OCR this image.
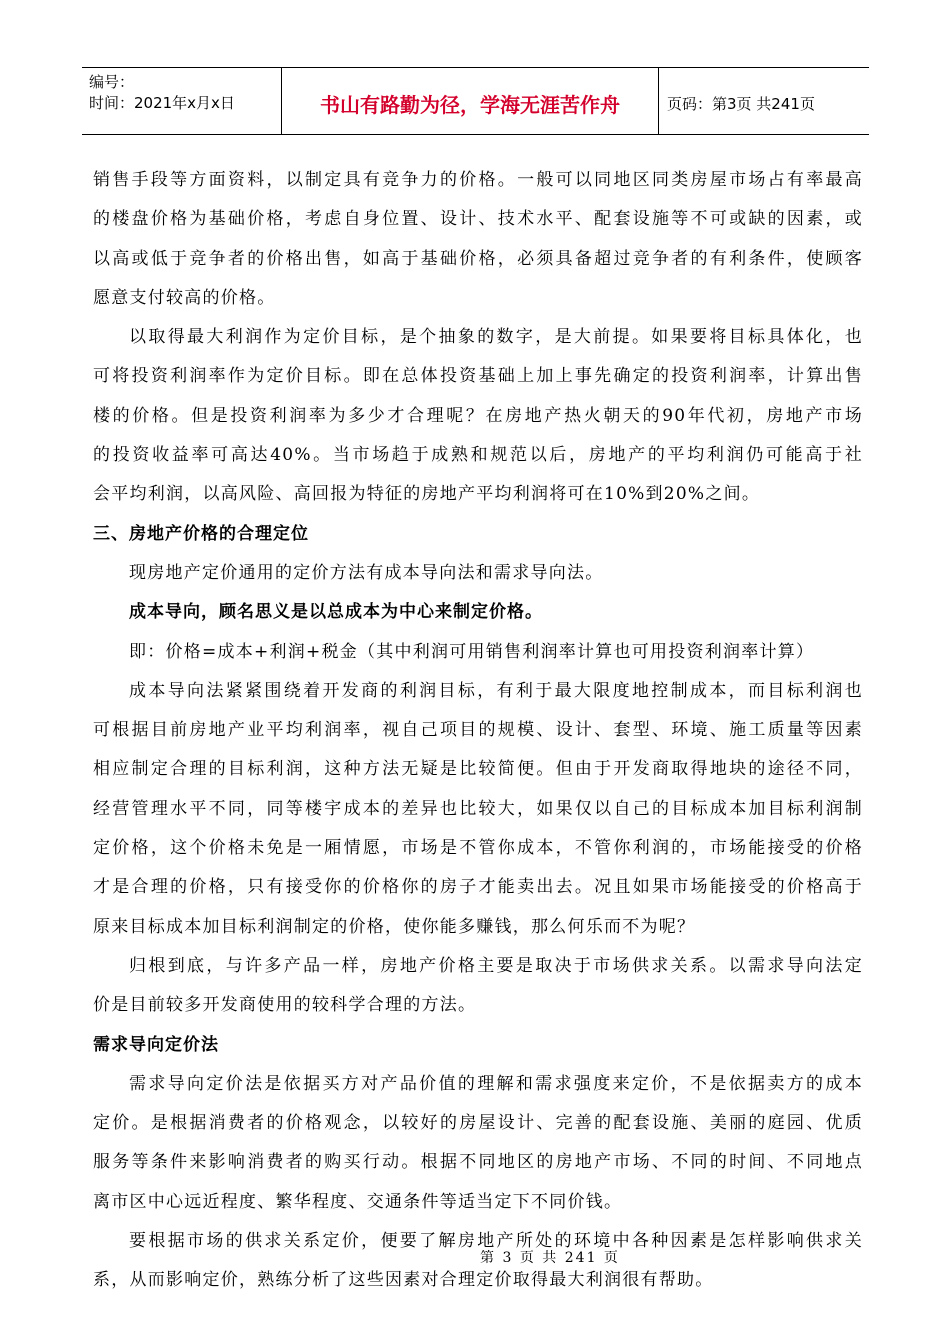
编号：
时间：2021年x月x日	书山有路勤为径，学海无涯苦作舟	页码：第3页 共241页
销售手段等方面资料，以制定具有竞争力的价格。一般可以同地区同类房屋市场占有率最高
的楼盘价格为基础价格，考虑自身位置、设计、技术水平、配套设施等不可或缺的因素，或
以高或低于竞争者的价格出售，如高于基础价格，必须具备超过竞争者的有利条件，使顾客
愿意支付较高的价格。
以取得最大利润作为定价目标，是个抽象的数字，是大前提。如果要将目标具体化，也
可将投资利润率作为定价目标。即在总体投资基础上加上事先确定的投资利润率，计算出售
楼的价格。但是投资利润率为多少才合理呢？在房地产热火朝天的90年代初，房地产市场
的投资收益率可高达40%。当市场趋于成熟和规范以后，房地产的平均利润仍可能高于社
会平均利润，以高风险、高回报为特征的房地产平均利润将可在10%到20%之间。
三、房地产价格的合理定位
现房地产定价通用的定价方法有成本导向法和需求导向法。
成本导向，顾名思义是以总成本为中心来制定价格。
即：价格=成本+利润+税金（其中利润可用销售利润率计算也可用投资利润率计算）
成本导向法紧紧围绕着开发商的利润目标，有利于最大限度地控制成本，而目标利润也
可根据目前房地产业平均利润率，视自己项目的规模、设计、套型、环境、施工质量等因素
相应制定合理的目标利润，这种方法无疑是比较简便。但由于开发商取得地块的途径不同，
经营管理水平不同，同等楼宇成本的差异也比较大，如果仅以自己的目标成本加目标利润制
定价格，这个价格未免是一厢情愿，市场是不管你成本，不管你利润的，市场能接受的价格
才是合理的价格，只有接受你的价格你的房子才能卖出去。况且如果市场能接受的价格高于
原来目标成本加目标利润制定的价格，使你能多赚钱，那么何乐而不为呢？
归根到底，与许多产品一样，房地产价格主要是取决于市场供求关系。以需求导向法定
价是目前较多开发商使用的较科学合理的方法。
需求导向定价法
需求导向定价法是依据买方对产品价值的理解和需求强度来定价，不是依据卖方的成本
定价。是根据消费者的价格观念，以较好的房屋设计、完善的配套设施、美丽的庭园、优质
服务等条件来影响消费者的购买行动。根据不同地区的房地产市场、不同的时间、不同地点
离市区中心远近程度、繁华程度、交通条件等适当定下不同价钱。
要根据市场的供求关系定价，便要了解房地产所处的环境中各种因素是怎样影响供求关
系，从而影响定价，熟练分析了这些因素对合理定价取得最大利润很有帮助。
第 3 页 共 241 页
